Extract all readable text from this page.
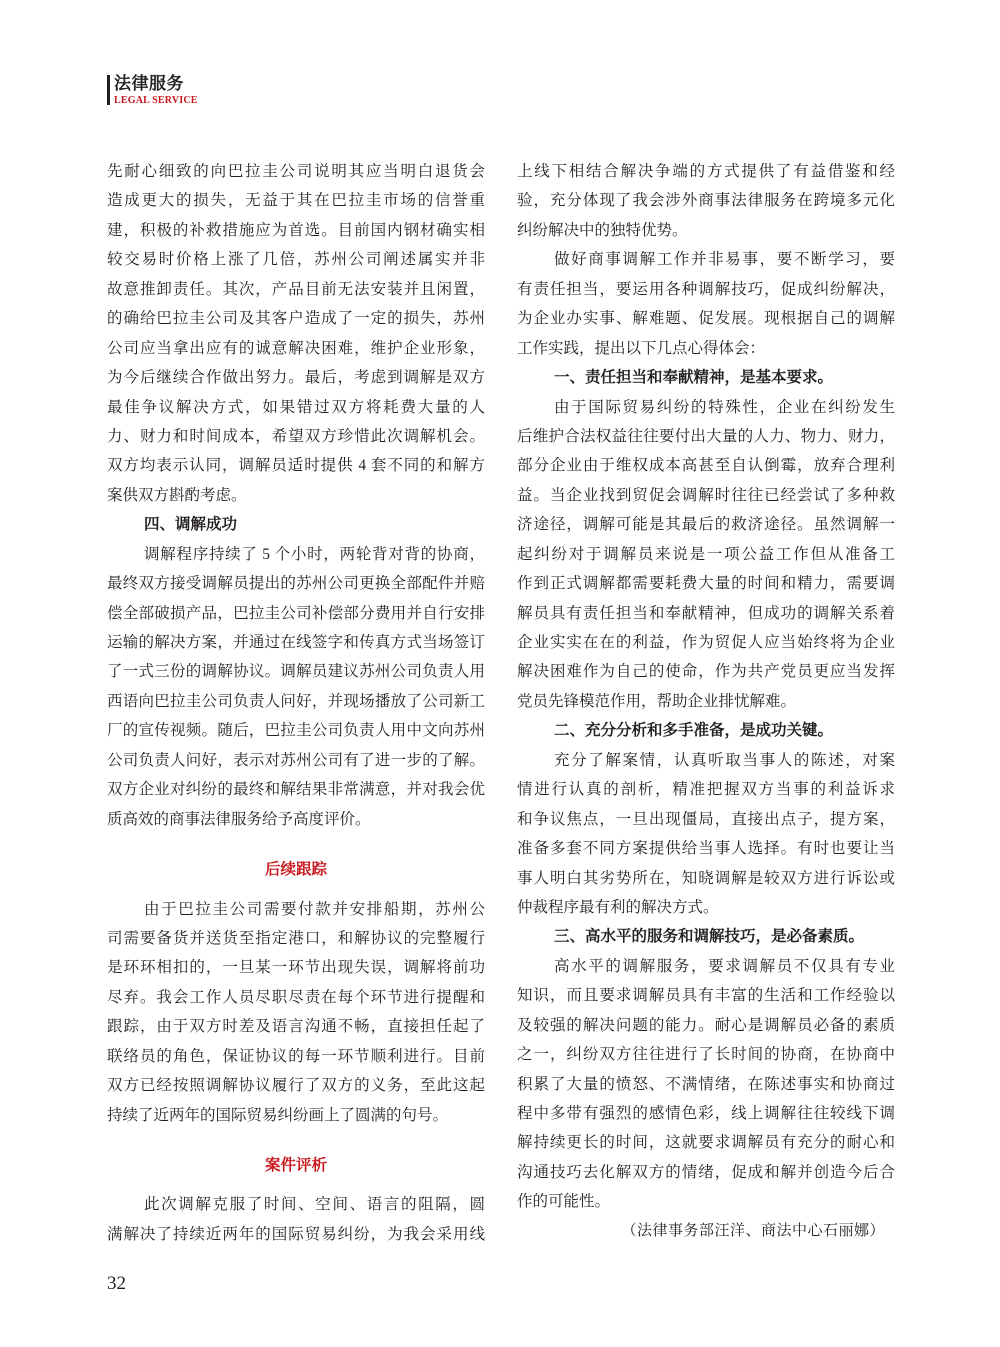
法律服务
LEGAL SERVICE
先耐心细致的向巴拉圭公司说明其应当明白退货会
造成更大的损失，无益于其在巴拉圭市场的信誉重
建，积极的补救措施应为首选。目前国内钢材确实相
较交易时价格上涨了几倍，苏州公司阐述属实并非
故意推卸责任。其次，产品目前无法安装并且闲置，
的确给巴拉圭公司及其客户造成了一定的损失，苏州
公司应当拿出应有的诚意解决困难，维护企业形象，
为今后继续合作做出努力。最后，考虑到调解是双方
最佳争议解决方式，如果错过双方将耗费大量的人
力、财力和时间成本，希望双方珍惜此次调解机会。
双方均表示认同，调解员适时提供 4 套不同的和解方
案供双方斟酌考虑。
四、调解成功
调解程序持续了 5 个小时，两轮背对背的协商，
最终双方接受调解员提出的苏州公司更换全部配件并赔
偿全部破损产品，巴拉圭公司补偿部分费用并自行安排
运输的解决方案，并通过在线签字和传真方式当场签订
了一式三份的调解协议。调解员建议苏州公司负责人用
西语向巴拉圭公司负责人问好，并现场播放了公司新工
厂的宣传视频。随后，巴拉圭公司负责人用中文向苏州
公司负责人问好，表示对苏州公司有了进一步的了解。
双方企业对纠纷的最终和解结果非常满意，并对我会优
质高效的商事法律服务给予高度评价。
后续跟踪
由于巴拉圭公司需要付款并安排船期，苏州公
司需要备货并送货至指定港口，和解协议的完整履行
是环环相扣的，一旦某一环节出现失误，调解将前功
尽弃。我会工作人员尽职尽责在每个环节进行提醒和
跟踪，由于双方时差及语言沟通不畅，直接担任起了
联络员的角色，保证协议的每一环节顺利进行。目前
双方已经按照调解协议履行了双方的义务，至此这起
持续了近两年的国际贸易纠纷画上了圆满的句号。
案件评析
此次调解克服了时间、空间、语言的阻隔，圆
满解决了持续近两年的国际贸易纠纷，为我会采用线
上线下相结合解决争端的方式提供了有益借鉴和经
验，充分体现了我会涉外商事法律服务在跨境多元化
纠纷解决中的独特优势。
做好商事调解工作并非易事，要不断学习，要
有责任担当，要运用各种调解技巧，促成纠纷解决，
为企业办实事、解难题、促发展。现根据自己的调解
工作实践，提出以下几点心得体会：
一、责任担当和奉献精神，是基本要求。
由于国际贸易纠纷的特殊性，企业在纠纷发生
后维护合法权益往往要付出大量的人力、物力、财力，
部分企业由于维权成本高甚至自认倒霉，放弃合理利
益。当企业找到贸促会调解时往往已经尝试了多种救
济途径，调解可能是其最后的救济途径。虽然调解一
起纠纷对于调解员来说是一项公益工作但从准备工
作到正式调解都需要耗费大量的时间和精力，需要调
解员具有责任担当和奉献精神，但成功的调解关系着
企业实实在在的利益，作为贸促人应当始终将为企业
解决困难作为自己的使命，作为共产党员更应当发挥
党员先锋模范作用，帮助企业排忧解难。
二、充分分析和多手准备，是成功关键。
充分了解案情，认真听取当事人的陈述，对案
情进行认真的剖析，精准把握双方当事的利益诉求
和争议焦点，一旦出现僵局，直接出点子，提方案，
准备多套不同方案提供给当事人选择。有时也要让当
事人明白其劣势所在，知晓调解是较双方进行诉讼或
仲裁程序最有利的解决方式。
三、高水平的服务和调解技巧，是必备素质。
高水平的调解服务，要求调解员不仅具有专业
知识，而且要求调解员具有丰富的生活和工作经验以
及较强的解决问题的能力。耐心是调解员必备的素质
之一，纠纷双方往往进行了长时间的协商，在协商中
积累了大量的愤怒、不满情绪，在陈述事实和协商过
程中多带有强烈的感情色彩，线上调解往往较线下调
解持续更长的时间，这就要求调解员有充分的耐心和
沟通技巧去化解双方的情绪，促成和解并创造今后合
作的可能性。
（法律事务部汪洋、商法中心石丽娜）
32
